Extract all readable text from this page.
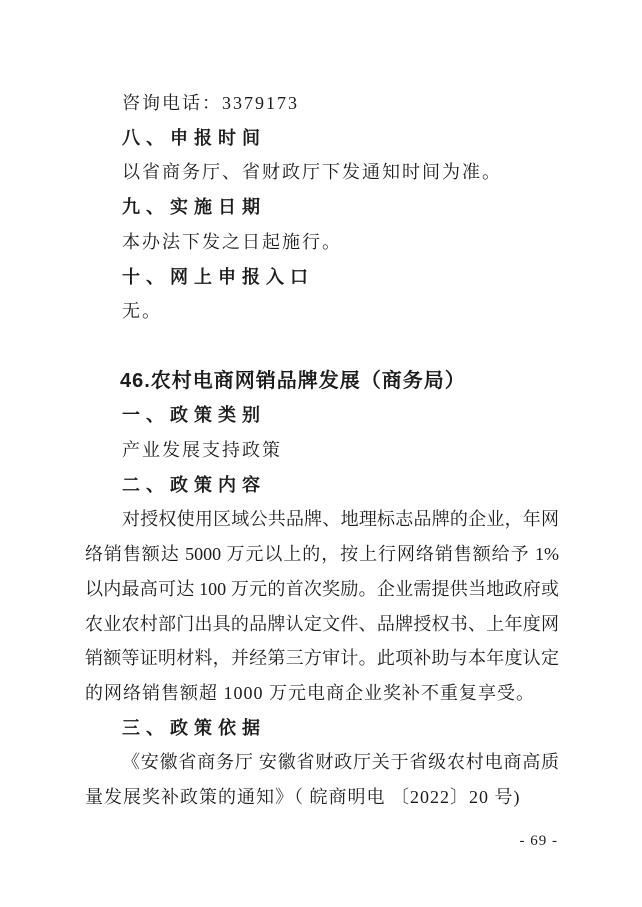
咨询电话：3379173

八、申报时间

以省商务厅、省财政厅下发通知时间为准。

九、实施日期

本办法下发之日起施行。

十、网上申报入口

无。

46.农村电商网销品牌发展（商务局）

一、政策类别

产业发展支持政策

二、政策内容

对授权使用区域公共品牌、地理标志品牌的企业，年网
络销售额达 5000 万元以上的，按上行网络销售额给予 1%
以内最高可达 100 万元的首次奖励。企业需提供当地政府或
农业农村部门出具的品牌认定文件、品牌授权书、上年度网
销额等证明材料，并经第三方审计。此项补助与本年度认定
的网络销售额超 1000 万元电商企业奖补不重复享受。

三、政策依据

《安徽省商务厅 安徽省财政厅关于省级农村电商高质
量发展奖补政策的通知》（ 皖商明电 〔2022〕20 号)

- 69 -
